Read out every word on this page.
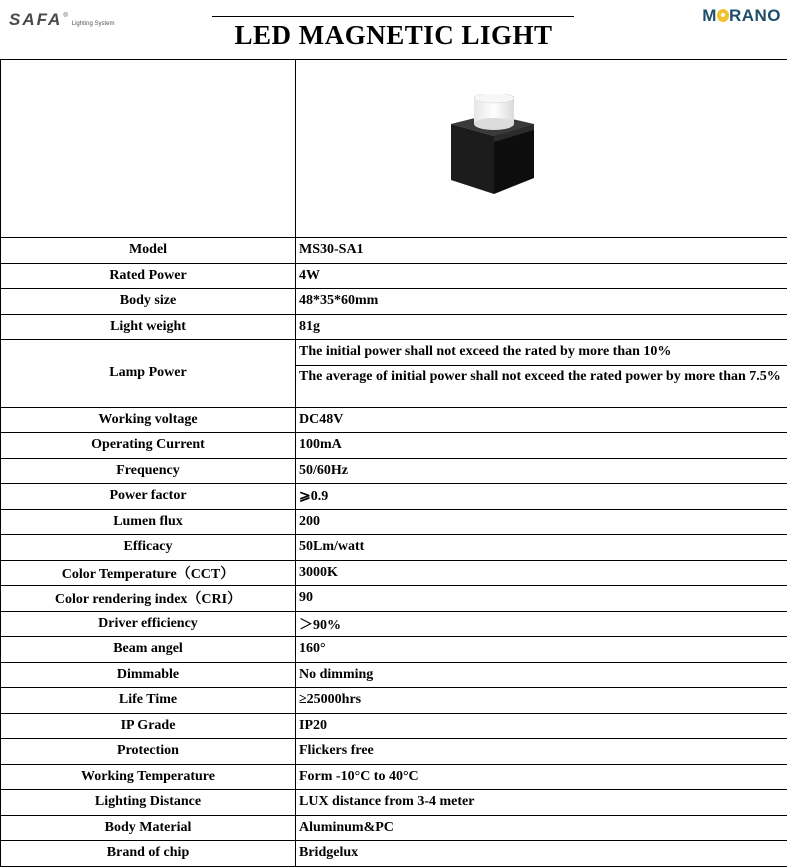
SAFA ®
Lighting System	LED MAGNETIC LIGHT
M RANO

Model	MS30-SA1
Rated Power	4W
Body size	48*35*60mm
Light weight	81g
Lamp Power	The initial power shall not exceed the rated by more than 10%
	The average of initial power shall not exceed the rated power by more than 7.5%
Working voltage	DC48V
Operating Current	100mA
Frequency	50/60Hz
Power factor	⩾0.9
Lumen flux	200
Efficacy	50Lm/watt
Color Temperature（CCT）	3000K
Color rendering index（CRI）	90
Driver efficiency	＞90%
Beam angel	160°
Dimmable	No dimming
Life Time	≥25000hrs
IP Grade	IP20
Protection	Flickers free
Working Temperature	Form -10°C to 40°C
Lighting Distance	LUX distance from 3-4 meter
Body Material	Aluminum&PC
Brand of chip	Bridgelux
